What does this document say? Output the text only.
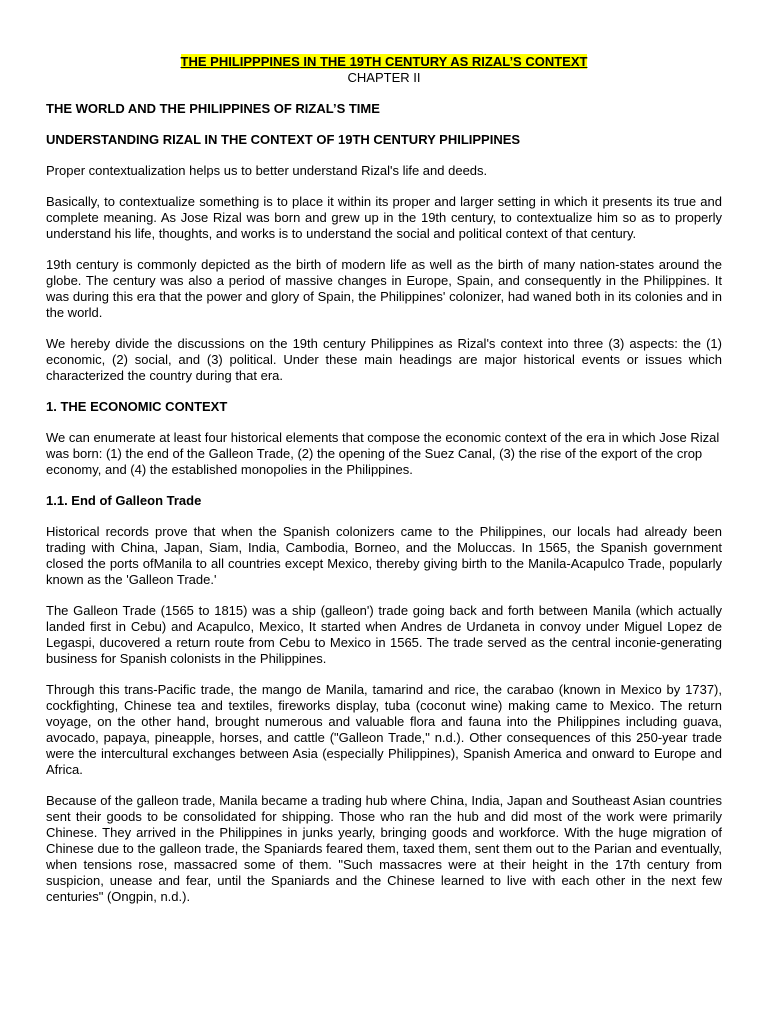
THE PHILIPPPINES IN THE 19TH CENTURY AS RIZAL’S CONTEXT

CHAPTER II

THE WORLD AND THE PHILIPPINES OF RIZAL’S TIME
UNDERSTANDING RIZAL IN THE CONTEXT OF 19TH CENTURY PHILIPPINES

Proper contextualization helps us to better understand Rizal's life and deeds.

Basically, to contextualize something is to place it within its proper and larger setting in which it presents its true and complete meaning. As Jose Rizal was born and grew up in the 19th century, to contextualize him so as to properly understand his life, thoughts, and works is to understand the social and political context of that century.

19th century is commonly depicted as the birth of modern life as well as the birth of many nation-states around the globe. The century was also a period of massive changes in Europe, Spain, and consequently in the Philippines. It was during this era that the power and glory of Spain, the Philippines' colonizer, had waned both in its colonies and in the world.

We hereby divide the discussions on the 19th century Philippines as Rizal's context into three (3) aspects: the (1) economic, (2) social, and (3) political. Under these main headings are major historical events or issues which characterized the country during that era.

1. THE ECONOMIC CONTEXT

We can enumerate at least four historical elements that compose the economic context of the era in which Jose Rizal was born: (1) the end of the Galleon Trade, (2) the opening of the Suez Canal, (3) the rise of the export of the crop economy, and (4) the established monopolies in the Philippines.

1.1. End of Galleon Trade

Historical records prove that when the Spanish colonizers came to the Philippines, our locals had already been trading with China, Japan, Siam, India, Cambodia, Borneo, and the Moluccas. In 1565, the Spanish government closed the ports ofManila to all countries except Mexico, thereby giving birth to the Manila-Acapulco Trade, popularly known as the 'Galleon Trade.'

The Galleon Trade (1565 to 1815) was a ship (galleon') trade going back and forth between Manila (which actually landed first in Cebu) and Acapulco, Mexico, It started when Andres de Urdaneta in convoy under Miguel Lopez de Legaspi, ducovered a return route from Cebu to Mexico in 1565. The trade served as the central inconie-generating business for Spanish colonists in the Philippines.

Through this trans-Pacific trade, the mango de Manila, tamarind and rice, the carabao (known in Mexico by 1737), cockfighting, Chinese tea and textiles, fireworks display, tuba (coconut wine) making came to Mexico. The return voyage, on the other hand, brought numerous and valuable flora and fauna into the Philippines including guava, avocado, papaya, pineapple, horses, and cattle ("Galleon Trade," n.d.). Other consequences of this 250-year trade were the intercultural exchanges between Asia (especially Philippines), Spanish America and onward to Europe and Africa.

Because of the galleon trade, Manila became a trading hub where China, India, Japan and Southeast Asian countries sent their goods to be consolidated for shipping. Those who ran the hub and did most of the work were primarily Chinese. They arrived in the Philippines in junks yearly, bringing goods and workforce. With the huge migration of Chinese due to the galleon trade, the Spaniards feared them, taxed them, sent them out to the Parian and eventually, when tensions rose, massacred some of them. "Such massacres were at their height in the 17th century from suspicion, unease and fear, until the Spaniards and the Chinese learned to live with each other in the next few centuries" (Ongpin, n.d.).
